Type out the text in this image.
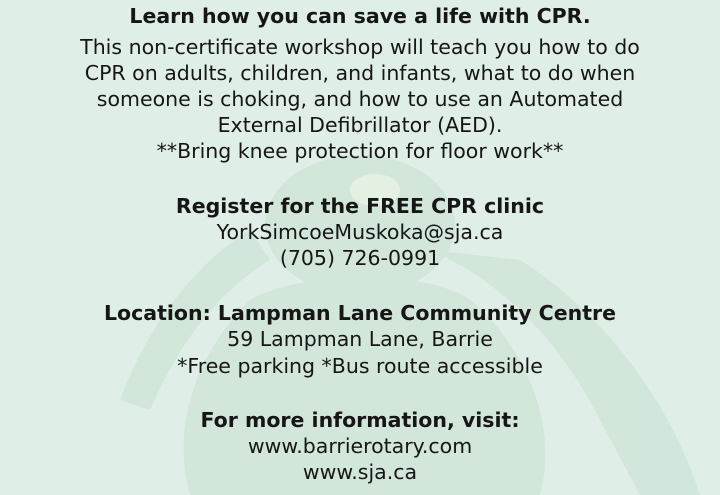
Learn how you can save a life with CPR.
This non-certificate workshop will teach you how to do
CPR on adults, children, and infants, what to do when
someone is choking, and how to use an Automated
External Defibrillator (AED).
**Bring knee protection for floor work**
Register for the FREE CPR clinic
YorkSimcoeMuskoka@sja.ca
(705) 726-0991
Location: Lampman Lane Community Centre
59 Lampman Lane, Barrie
*Free parking *Bus route accessible
For more information, visit:
www.barrierotary.com
www.sja.ca
